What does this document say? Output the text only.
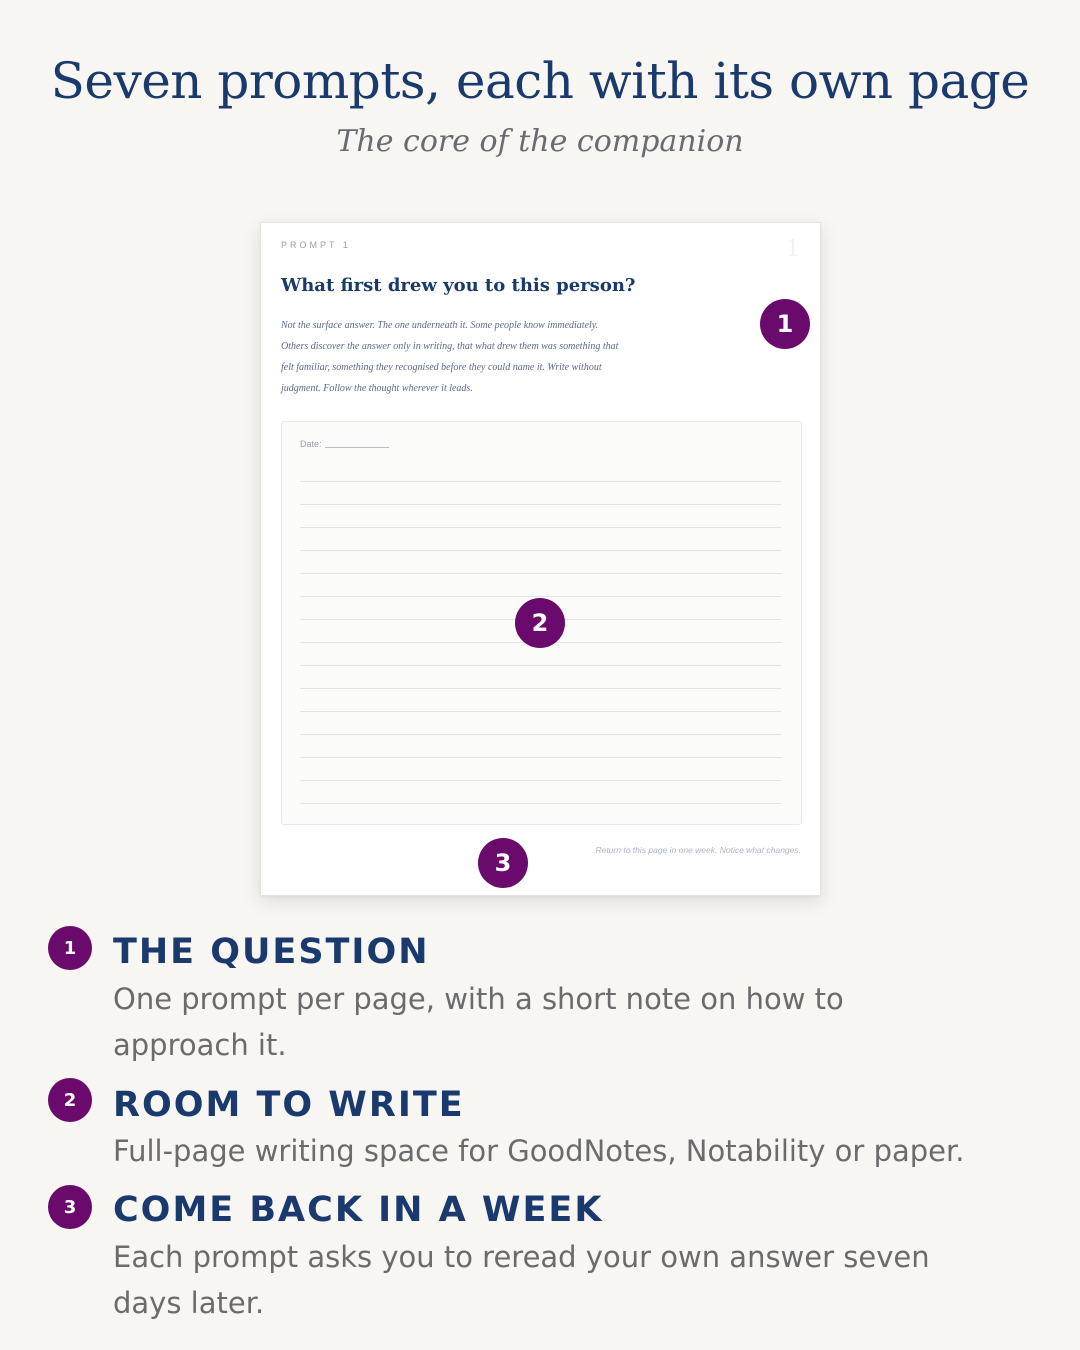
Seven prompts, each with its own page
The core of the companion
PROMPT 1	1
What first drew you to this person?
Not the surface answer. The one underneath it. Some people know immediately.
Others discover the answer only in writing, that what drew them was something that
felt familiar, something they recognised before they could name it. Write without
judgment. Follow the thought wherever it leads.
Date:
Return to this page in one week. Notice what changes.
1
2
3
1	THE QUESTION
One prompt per page, with a short note on how to
approach it.
2	ROOM TO WRITE
Full-page writing space for GoodNotes, Notability or paper.
3	COME BACK IN A WEEK
Each prompt asks you to reread your own answer seven
days later.
